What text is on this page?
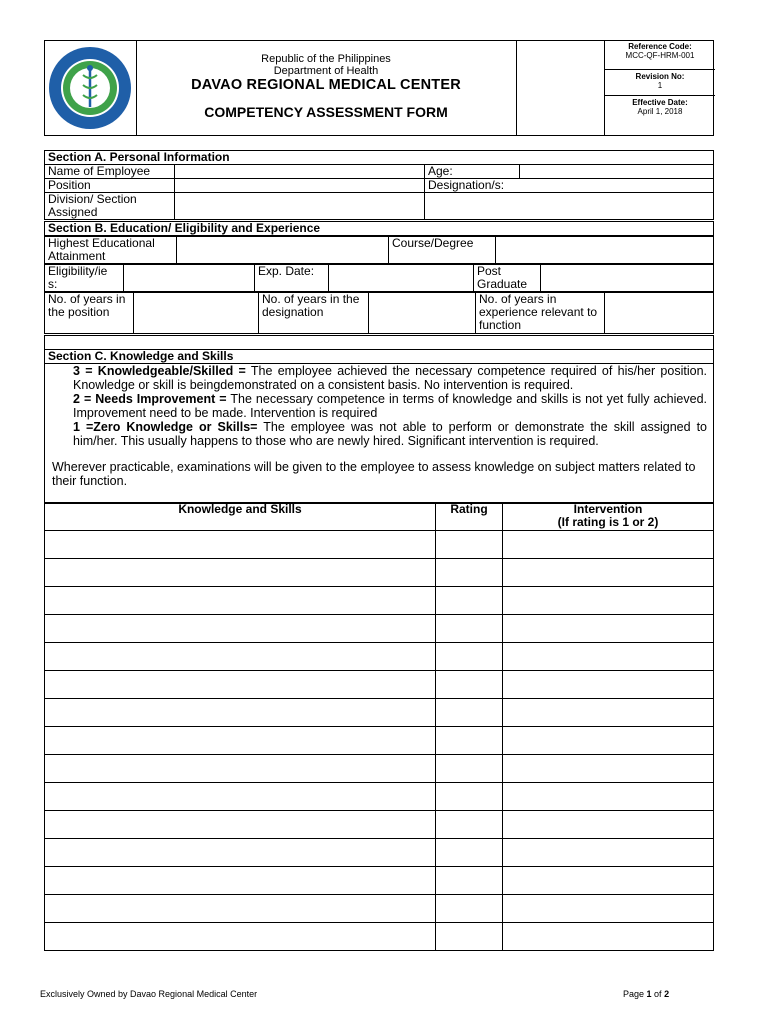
Republic of the Philippines
Department of Health
DAVAO REGIONAL MEDICAL CENTER
COMPETENCY ASSESSMENT FORM
Reference Code:
MCC-QF-HRM-001
Revision No:
1
Effective Date:
April 1, 2018
Section A. Personal Information			
Name of Employee		Age:	
Position		Designation/s:	
Division/ Section Assigned			
Section B. Education/ Eligibility and Experience
Highest Educational Attainment		Course/Degree	
Eligibility/ie s:		Exp. Date:		Post Graduate	
No. of years in the position		No. of years in the designation		No. of years in experience relevant to function	
Section C. Knowledge and Skills
3 = Knowledgeable/Skilled = The employee achieved the necessary competence required of his/her position. Knowledge or skill is beingdemonstrated on a consistent basis. No intervention is required.
2 = Needs Improvement = The necessary competence in terms of knowledge and skills is not yet fully achieved. Improvement need to be made. Intervention is required
1 =Zero Knowledge or Skills= The employee was not able to perform or demonstrate the skill assigned to him/her. This usually happens to those who are newly hired. Significant intervention is required.
Wherever practicable, examinations will be given to the employee to assess knowledge on subject matters related to their function.
Knowledge and Skills	Rating	Intervention
(If rating is 1 or 2)

Exclusively Owned by Davao Regional Medical Center	Page 1 of 2
